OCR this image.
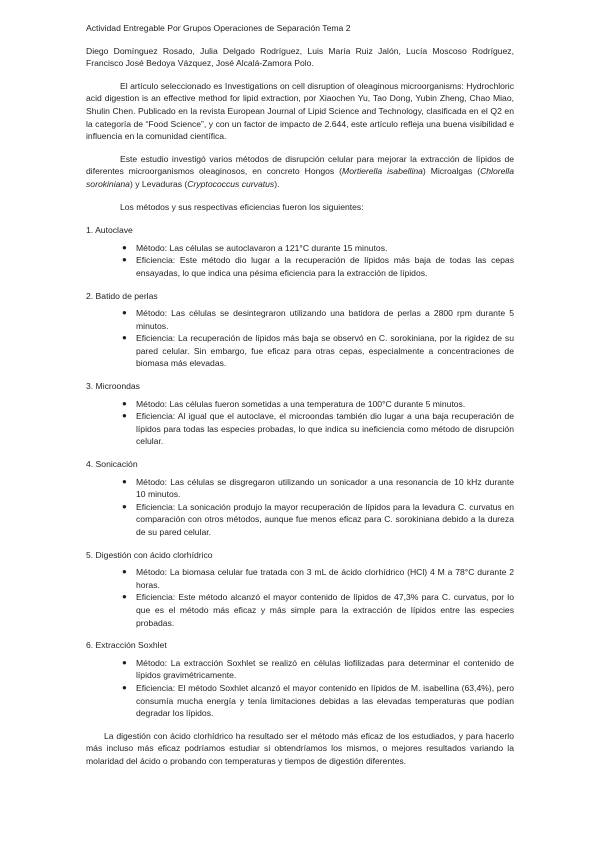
Actividad Entregable Por Grupos Operaciones de Separación Tema 2

Diego Domínguez Rosado, Julia Delgado Rodríguez, Luis María Ruiz Jalón, Lucía Moscoso Rodríguez, Francisco José Bedoya Vázquez, José Alcalá-Zamora Polo.

El artículo seleccionado es Investigations on cell disruption of oleaginous microorganisms: Hydrochloric acid digestion is an effective method for lipid extraction, por Xiaochen Yu, Tao Dong, Yubin Zheng, Chao Miao, Shulin Chen. Publicado en la revista European Journal of Lipid Science and Technology, clasificada en el Q2 en la categoría de “Food Science”, y con un factor de impacto de 2.644, este artículo refleja una buena visibilidad e influencia en la comunidad científica.

Este estudio investigó varios métodos de disrupción celular para mejorar la extracción de lípidos de diferentes microorganismos oleaginosos, en concreto Hongos (Mortierella isabellina) Microalgas (Chlorella sorokiniana) y Levaduras (Cryptococcus curvatus).

Los métodos y sus respectivas eficiencias fueron los siguientes:

1. Autoclave

● Método: Las células se autoclavaron a 121°C durante 15 minutos.
● Eficiencia: Este método dio lugar a la recuperación de lípidos más baja de todas las cepas ensayadas, lo que indica una pésima eficiencia para la extracción de lípidos.

2. Batido de perlas

● Método: Las células se desintegraron utilizando una batidora de perlas a 2800 rpm durante 5 minutos.
● Eficiencia: La recuperación de lípidos más baja se observó en C. sorokiniana, por la rigidez de su pared celular. Sin embargo, fue eficaz para otras cepas, especialmente a concentraciones de biomasa más elevadas.

3. Microondas

● Método: Las células fueron sometidas a una temperatura de 100°C durante 5 minutos.
● Eficiencia: Al igual que el autoclave, el microondas también dio lugar a una baja recuperación de lípidos para todas las especies probadas, lo que indica su ineficiencia como método de disrupción celular.

4. Sonicación

● Método: Las células se disgregaron utilizando un sonicador a una resonancia de 10 kHz durante 10 minutos.
● Eficiencia: La sonicación produjo la mayor recuperación de lípidos para la levadura C. curvatus en comparación con otros métodos, aunque fue menos eficaz para C. sorokiniana debido a la dureza de su pared celular.

5. Digestión con ácido clorhídrico

● Método: La biomasa celular fue tratada con 3 mL de ácido clorhídrico (HCl) 4 M a 78°C durante 2 horas.
● Eficiencia: Este método alcanzó el mayor contenido de lípidos de 47,3% para C. curvatus, por lo que es el método más eficaz y más simple para la extracción de lípidos entre las especies probadas.

6. Extracción Soxhlet

● Método: La extracción Soxhlet se realizó en células liofilizadas para determinar el contenido de lípidos gravimétricamente.
● Eficiencia: El método Soxhlet alcanzó el mayor contenido en lípidos de M. isabellina (63,4%), pero consumía mucha energía y tenía limitaciones debidas a las elevadas temperaturas que podían degradar los lípidos.

La digestión con ácido clorhídrico ha resultado ser el método más eficaz de los estudiados, y para hacerlo más incluso más eficaz podríamos estudiar si obtendríamos los mismos, o mejores resultados variando la molaridad del ácido o probando con temperaturas y tiempos de digestión diferentes.
